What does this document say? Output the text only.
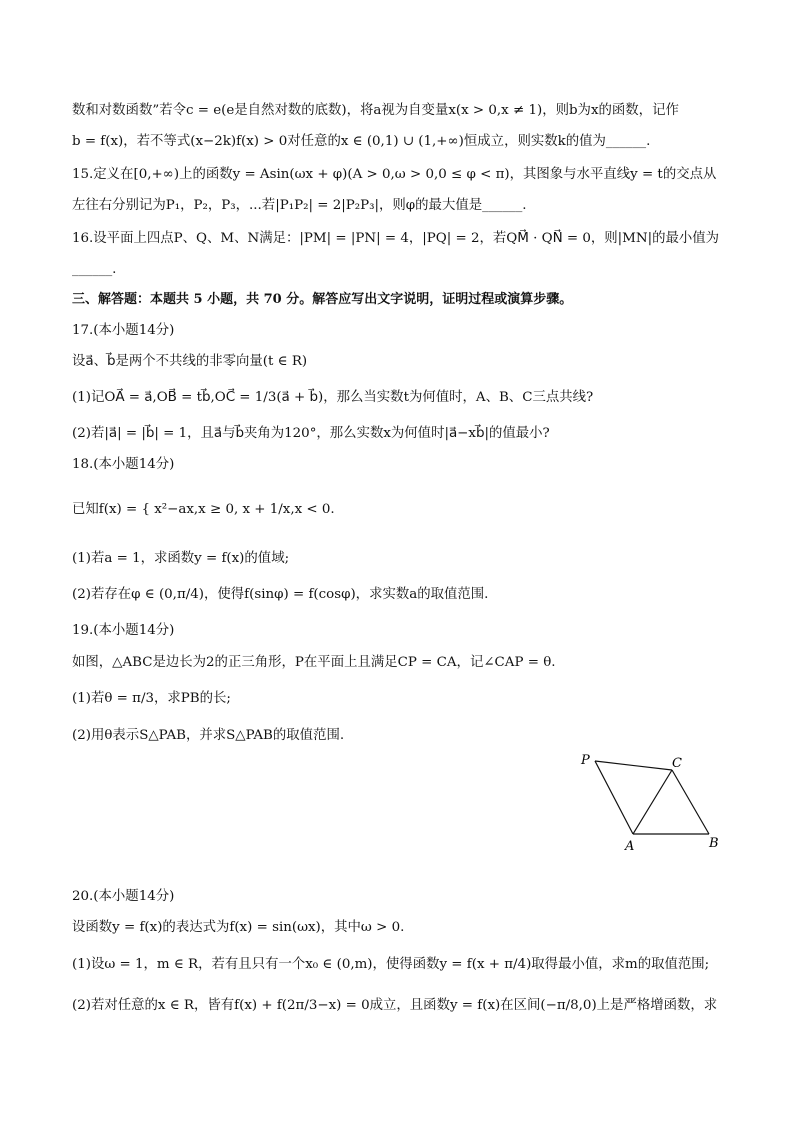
数和对数函数”若令c = e(e是自然对数的底数)，将a视为自变量x(x > 0,x ≠ 1)，则b为x的函数，记作
b = f(x)，若不等式(x−2k)f(x) > 0对任意的x ∈ (0,1) ∪ (1,+∞)恒成立，则实数k的值为______.
15.定义在[0,+∞)上的函数y = Asin(ωx + φ)(A > 0,ω > 0,0 ≤ φ < π)，其图象与水平直线y = t的交点从
左往右分别记为P₁，P₂，P₃，...若|P₁P₂| = 2|P₂P₃|，则φ的最大值是______.
16.设平面上四点P、Q、M、N满足：|PM| = |PN| = 4，|PQ| = 2，若QM⃗ · QN⃗ = 0，则|MN|的最小值为
______.
三、解答题：本题共 5 小题，共 70 分。解答应写出文字说明，证明过程或演算步骤。
17.(本小题14分)
设a⃗、b⃗是两个不共线的非零向量(t ∈ R)
(1)记OA⃗ = a⃗,OB⃗ = tb⃗,OC⃗ = 1/3(a⃗ + b⃗)，那么当实数t为何值时，A、B、C三点共线?
(2)若|a⃗| = |b⃗| = 1，且a⃗与b⃗夹角为120°，那么实数x为何值时|a⃗−xb⃗|的值最小?
18.(本小题14分)
已知f(x) = { x²−ax,x ≥ 0, x + 1/x,x < 0.
(1)若a = 1，求函数y = f(x)的值域;
(2)若存在φ ∈ (0,π/4)，使得f(sinφ) = f(cosφ)，求实数a的取值范围.
19.(本小题14分)
如图，△ABC是边长为2的正三角形，P在平面上且满足CP = CA，记∠CAP = θ.
(1)若θ = π/3，求PB的长;
(2)用θ表示S△PAB，并求S△PAB的取值范围.
P	C
A	B
20.(本小题14分)
设函数y = f(x)的表达式为f(x) = sin(ωx)，其中ω > 0.
(1)设ω = 1，m ∈ R，若有且只有一个x₀ ∈ (0,m)，使得函数y = f(x + π/4)取得最小值，求m的取值范围;
(2)若对任意的x ∈ R，皆有f(x) + f(2π/3−x) = 0成立，且函数y = f(x)在区间(−π/8,0)上是严格增函数，求
